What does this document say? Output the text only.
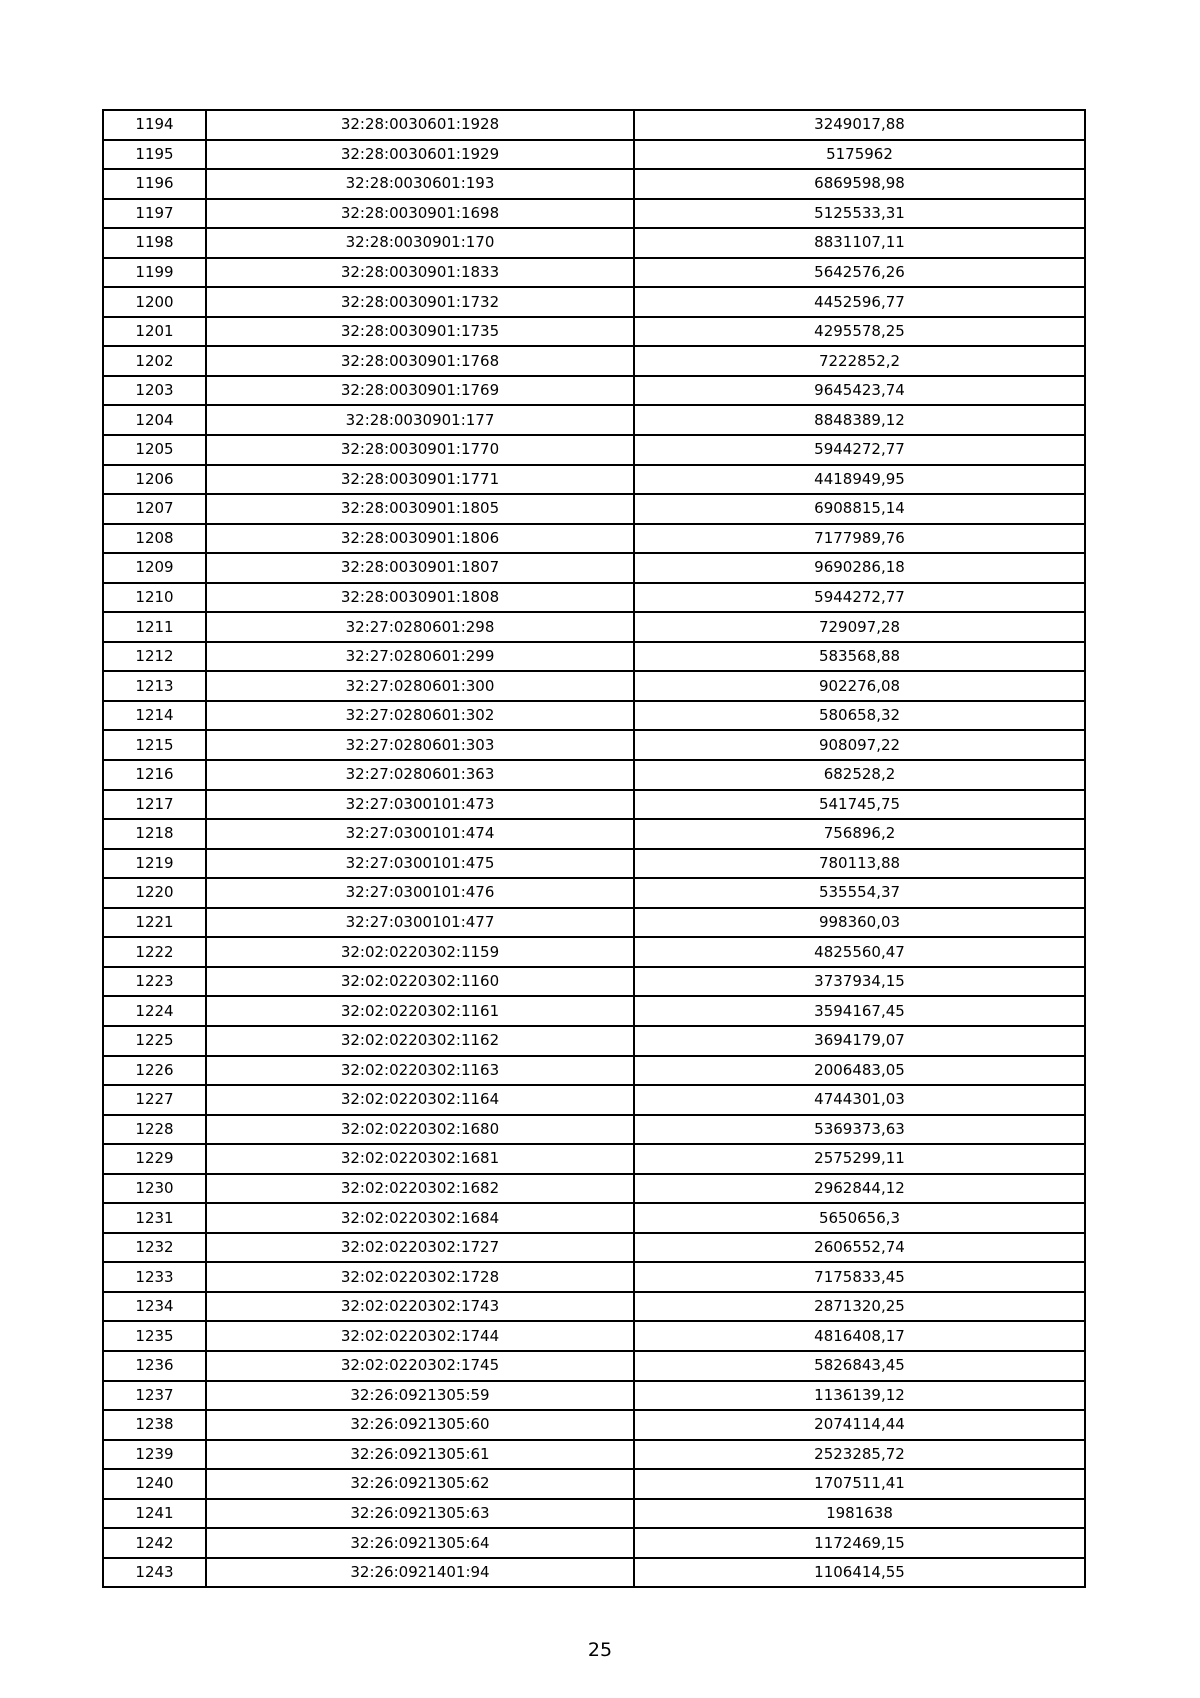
1194	32:28:0030601:1928	3249017,88
1195	32:28:0030601:1929	5175962
1196	32:28:0030601:193	6869598,98
1197	32:28:0030901:1698	5125533,31
1198	32:28:0030901:170	8831107,11
1199	32:28:0030901:1833	5642576,26
1200	32:28:0030901:1732	4452596,77
1201	32:28:0030901:1735	4295578,25
1202	32:28:0030901:1768	7222852,2
1203	32:28:0030901:1769	9645423,74
1204	32:28:0030901:177	8848389,12
1205	32:28:0030901:1770	5944272,77
1206	32:28:0030901:1771	4418949,95
1207	32:28:0030901:1805	6908815,14
1208	32:28:0030901:1806	7177989,76
1209	32:28:0030901:1807	9690286,18
1210	32:28:0030901:1808	5944272,77
1211	32:27:0280601:298	729097,28
1212	32:27:0280601:299	583568,88
1213	32:27:0280601:300	902276,08
1214	32:27:0280601:302	580658,32
1215	32:27:0280601:303	908097,22
1216	32:27:0280601:363	682528,2
1217	32:27:0300101:473	541745,75
1218	32:27:0300101:474	756896,2
1219	32:27:0300101:475	780113,88
1220	32:27:0300101:476	535554,37
1221	32:27:0300101:477	998360,03
1222	32:02:0220302:1159	4825560,47
1223	32:02:0220302:1160	3737934,15
1224	32:02:0220302:1161	3594167,45
1225	32:02:0220302:1162	3694179,07
1226	32:02:0220302:1163	2006483,05
1227	32:02:0220302:1164	4744301,03
1228	32:02:0220302:1680	5369373,63
1229	32:02:0220302:1681	2575299,11
1230	32:02:0220302:1682	2962844,12
1231	32:02:0220302:1684	5650656,3
1232	32:02:0220302:1727	2606552,74
1233	32:02:0220302:1728	7175833,45
1234	32:02:0220302:1743	2871320,25
1235	32:02:0220302:1744	4816408,17
1236	32:02:0220302:1745	5826843,45
1237	32:26:0921305:59	1136139,12
1238	32:26:0921305:60	2074114,44
1239	32:26:0921305:61	2523285,72
1240	32:26:0921305:62	1707511,41
1241	32:26:0921305:63	1981638
1242	32:26:0921305:64	1172469,15
1243	32:26:0921401:94	1106414,55
25
